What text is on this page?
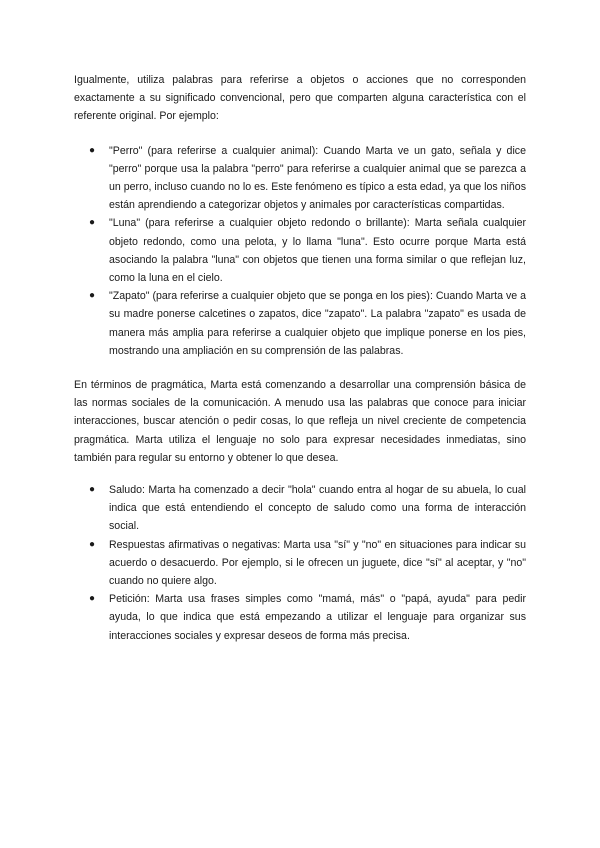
Igualmente, utiliza palabras para referirse a objetos o acciones que no corresponden exactamente a su significado convencional, pero que comparten alguna característica con el referente original. Por ejemplo:

● "Perro" (para referirse a cualquier animal): Cuando Marta ve un gato, señala y dice "perro" porque usa la palabra "perro" para referirse a cualquier animal que se parezca a un perro, incluso cuando no lo es. Este fenómeno es típico a esta edad, ya que los niños están aprendiendo a categorizar objetos y animales por características compartidas.
● "Luna" (para referirse a cualquier objeto redondo o brillante): Marta señala cualquier objeto redondo, como una pelota, y lo llama "luna". Esto ocurre porque Marta está asociando la palabra "luna" con objetos que tienen una forma similar o que reflejan luz, como la luna en el cielo.
● "Zapato" (para referirse a cualquier objeto que se ponga en los pies): Cuando Marta ve a su madre ponerse calcetines o zapatos, dice "zapato". La palabra "zapato" es usada de manera más amplia para referirse a cualquier objeto que implique ponerse en los pies, mostrando una ampliación en su comprensión de las palabras.

En términos de pragmática, Marta está comenzando a desarrollar una comprensión básica de las normas sociales de la comunicación. A menudo usa las palabras que conoce para iniciar interacciones, buscar atención o pedir cosas, lo que refleja un nivel creciente de competencia pragmática. Marta utiliza el lenguaje no solo para expresar necesidades inmediatas, sino también para regular su entorno y obtener lo que desea.

● Saludo: Marta ha comenzado a decir "hola" cuando entra al hogar de su abuela, lo cual indica que está entendiendo el concepto de saludo como una forma de interacción social.
● Respuestas afirmativas o negativas: Marta usa "sí" y "no" en situaciones para indicar su acuerdo o desacuerdo. Por ejemplo, si le ofrecen un juguete, dice "sí" al aceptar, y "no" cuando no quiere algo.
● Petición: Marta usa frases simples como "mamá, más" o "papá, ayuda" para pedir ayuda, lo que indica que está empezando a utilizar el lenguaje para organizar sus interacciones sociales y expresar deseos de forma más precisa.
